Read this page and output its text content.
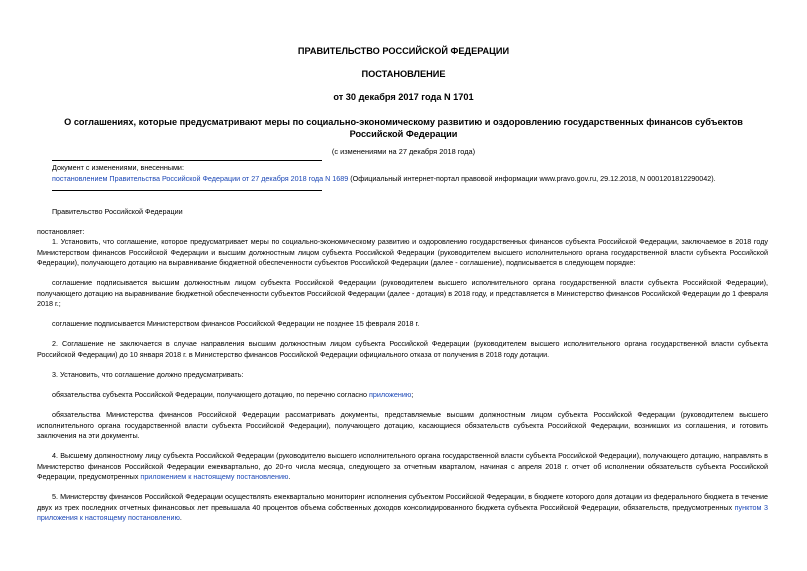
ПРАВИТЕЛЬСТВО РОССИЙСКОЙ ФЕДЕРАЦИИ
ПОСТАНОВЛЕНИЕ
от 30 декабря 2017 года N 1701
О соглашениях, которые предусматривают меры по социально-экономическому развитию и оздоровлению государственных финансов субъектов Российской Федерации
(с изменениями на 27 декабря 2018 года)
Документ с изменениями, внесенными:
постановлением Правительства Российской Федерации от 27 декабря 2018 года N 1689 (Официальный интернет-портал правовой информации www.pravo.gov.ru, 29.12.2018, N 0001201812290042).
Правительство Российской Федерации
постановляет:
1. Установить, что соглашение, которое предусматривает меры по социально-экономическому развитию и оздоровлению государственных финансов субъекта Российской Федерации, заключаемое в 2018 году Министерством финансов Российской Федерации и высшим должностным лицом субъекта Российской Федерации (руководителем высшего исполнительного органа государственной власти субъекта Российской Федерации), получающего дотацию на выравнивание бюджетной обеспеченности субъектов Российской Федерации (далее - соглашение), подписывается в следующем порядке:
соглашение подписывается высшим должностным лицом субъекта Российской Федерации (руководителем высшего исполнительного органа государственной власти субъекта Российской Федерации), получающего дотацию на выравнивание бюджетной обеспеченности субъектов Российской Федерации (далее - дотация) в 2018 году, и представляется в Министерство финансов Российской Федерации до 1 февраля 2018 г.;
соглашение подписывается Министерством финансов Российской Федерации не позднее 15 февраля 2018 г.
2. Соглашение не заключается в случае направления высшим должностным лицом субъекта Российской Федерации (руководителем высшего исполнительного органа государственной власти субъекта Российской Федерации) до 10 января 2018 г. в Министерство финансов Российской Федерации официального отказа от получения в 2018 году дотации.
3. Установить, что соглашение должно предусматривать:
обязательства субъекта Российской Федерации, получающего дотацию, по перечню согласно приложению;
обязательства Министерства финансов Российской Федерации рассматривать документы, представляемые высшим должностным лицом субъекта Российской Федерации (руководителем высшего исполнительного органа государственной власти субъекта Российской Федерации), получающего дотацию, касающиеся обязательств субъекта Российской Федерации, возникших из соглашения, и готовить заключения на эти документы.
4. Высшему должностному лицу субъекта Российской Федерации (руководителю высшего исполнительного органа государственной власти субъекта Российской Федерации), получающего дотацию, направлять в Министерство финансов Российской Федерации ежеквартально, до 20-го числа месяца, следующего за отчетным кварталом, начиная с апреля 2018 г. отчет об исполнении обязательств субъекта Российской Федерации, предусмотренных приложением к настоящему постановлению.
5. Министерству финансов Российской Федерации осуществлять ежеквартально мониторинг исполнения субъектом Российской Федерации, в бюджете которого доля дотации из федерального бюджета в течение двух из трех последних отчетных финансовых лет превышала 40 процентов объема собственных доходов консолидированного бюджета субъекта Российской Федерации, обязательств, предусмотренных пунктом 3 приложения к настоящему постановлению.
